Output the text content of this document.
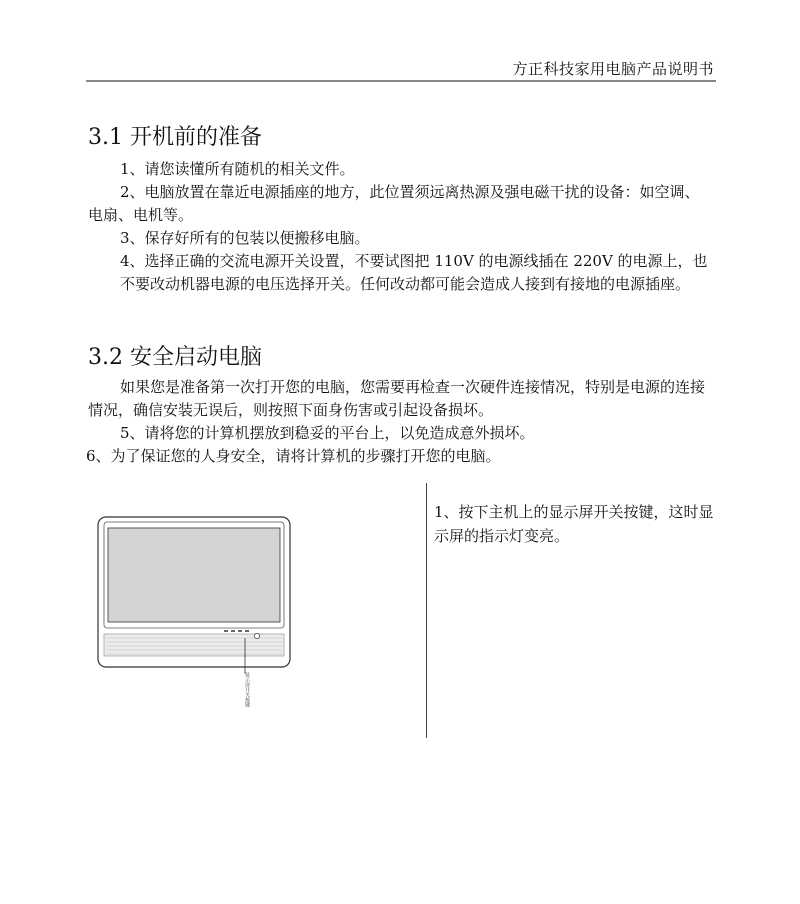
方正科技家用电脑产品说明书
3.1 开机前的准备
1、请您读懂所有随机的相关文件。
2、电脑放置在靠近电源插座的地方，此位置须远离热源及强电磁干扰的设备：如空调、电扇、电机等。
3、保存好所有的包装以便搬移电脑。
4、选择正确的交流电源开关设置，不要试图把 110V 的电源线插在 220V 的电源上，也不要改动机器电源的电压选择开关。任何改动都可能会造成人接到有接地的电源插座。
3.2 安全启动电脑
如果您是准备第一次打开您的电脑，您需要再检查一次硬件连接情况，特别是电源的连接情况，确信安装无误后，则按照下面身伤害或引起设备损坏。
5、请将您的计算机摆放到稳妥的平台上，以免造成意外损坏。
6、为了保证您的人身安全，请将计算机的步骤打开您的电脑。
显示屏开关按键
1、按下主机上的显示屏开关按键，这时显示屏的指示灯变亮。
